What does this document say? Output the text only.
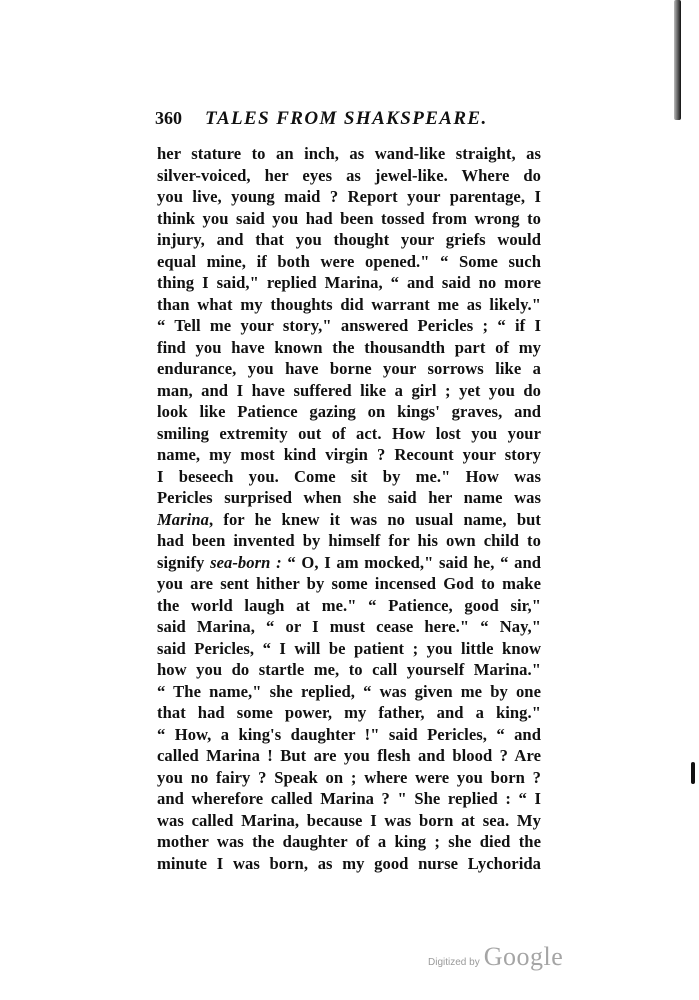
360	TALES FROM SHAKSPEARE.
her stature to an inch, as wand-like straight, as
silver-voiced, her eyes as jewel-like. Where do
you live, young maid ? Report your parentage, I
think you said you had been tossed from wrong to
injury, and that you thought your griefs would
equal mine, if both were opened." “ Some such
thing I said," replied Marina, “ and said no more
than what my thoughts did warrant me as likely."
“ Tell me your story," answered Pericles ; “ if I
find you have known the thousandth part of my
endurance, you have borne your sorrows like a
man, and I have suffered like a girl ; yet you do
look like Patience gazing on kings' graves, and
smiling extremity out of act. How lost you your
name, my most kind virgin ? Recount your story
I beseech you. Come sit by me." How was
Pericles surprised when she said her name was
Marina, for he knew it was no usual name, but
had been invented by himself for his own child to
signify sea-born : “ O, I am mocked," said he, “ and
you are sent hither by some incensed God to make
the world laugh at me." “ Patience, good sir,"
said Marina, “ or I must cease here." “ Nay,"
said Pericles, “ I will be patient ; you little know
how you do startle me, to call yourself Marina."
“ The name," she replied, “ was given me by one
that had some power, my father, and a king."
“ How, a king's daughter !" said Pericles, “ and
called Marina ! But are you flesh and blood ? Are
you no fairy ? Speak on ; where were you born ?
and wherefore called Marina ? " She replied : “ I
was called Marina, because I was born at sea. My
mother was the daughter of a king ; she died the
minute I was born, as my good nurse Lychorida
Digitized by Google
